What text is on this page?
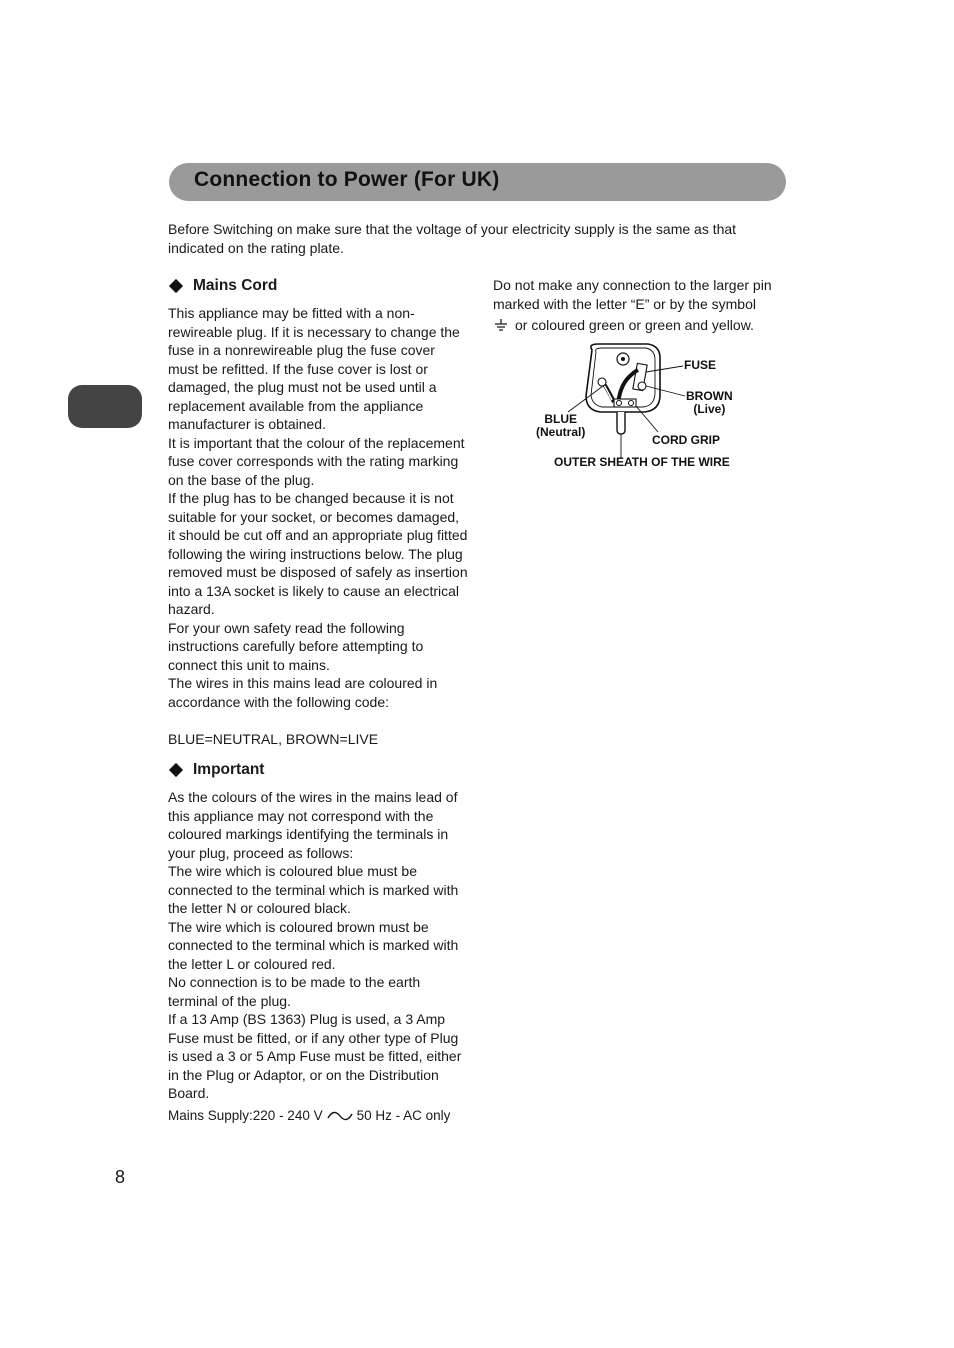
Connection to Power (For UK)

Before Switching on make sure that the voltage of your electricity supply is the same as that indicated on the rating plate.

Mains Cord

This appliance may be fitted with a non-rewireable plug. If it is necessary to change the fuse in a nonrewireable plug the fuse cover must be refitted. If the fuse cover is lost or damaged, the plug must not be used until a replacement available from the appliance manufacturer is obtained.

It is important that the colour of the replacement fuse cover corresponds with the rating marking on the base of the plug.

If the plug has to be changed because it is not suitable for your socket, or becomes damaged, it should be cut off and an appropriate plug fitted following the wiring instructions below. The plug removed must be disposed of safely as insertion into a 13A socket is likely to cause an electrical hazard.

For your own safety read the following instructions carefully before attempting to connect this unit to mains.

The wires in this mains lead are coloured in accordance with the following code:

BLUE=NEUTRAL, BROWN=LIVE

Important

As the colours of the wires in the mains lead of this appliance may not correspond with the coloured markings identifying the terminals in your plug, proceed as follows:

The wire which is coloured blue must be connected to the terminal which is marked with the letter N or coloured black.

The wire which is coloured brown must be connected to the terminal which is marked with the letter L or coloured red.

No connection is to be made to the earth terminal of the plug.

If a 13 Amp (BS 1363) Plug is used, a 3 Amp Fuse must be fitted, or if any other type of Plug is used a 3 or 5 Amp Fuse must be fitted, either in the Plug or Adaptor, or on the Distribution Board.

Mains Supply:220 - 240 V	50 Hz - AC only

Do not make any connection to the larger pin marked with the letter “E” or by the symbol

or coloured green or green and yellow.
FUSE
BROWN
(Live)
BLUE
(Neutral)
CORD GRIP
OUTER SHEATH OF THE WIRE
8
